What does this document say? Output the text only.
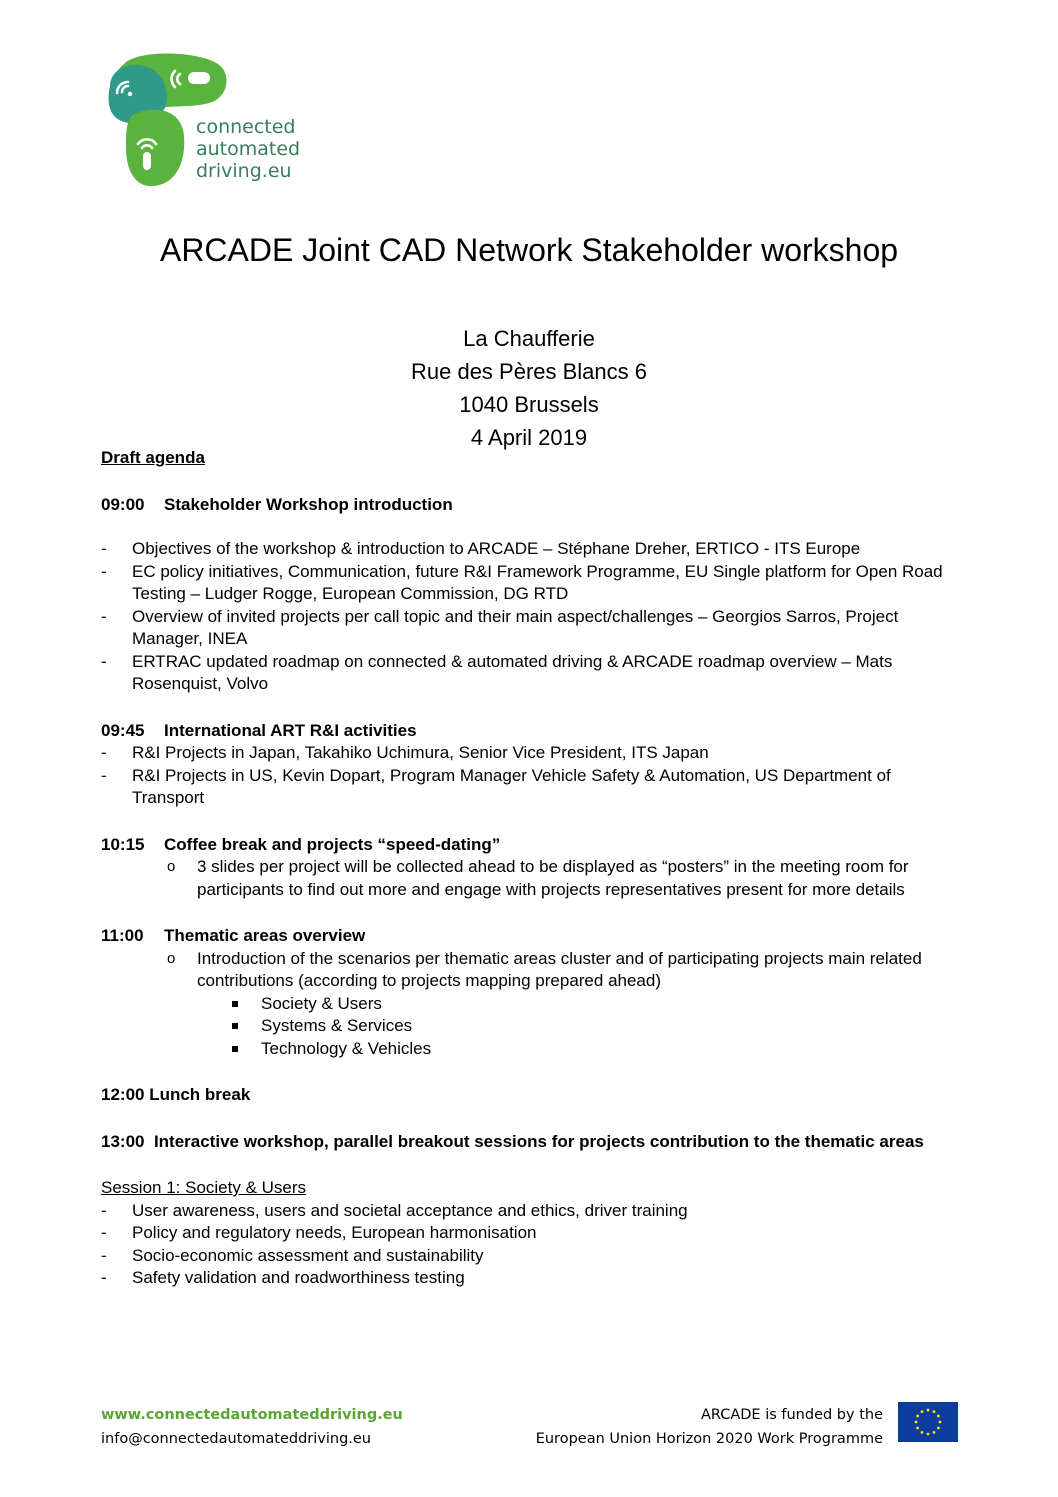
connected
automated
driving.eu
ARCADE Joint CAD Network Stakeholder workshop
La Chaufferie
Rue des Pères Blancs 6
1040 Brussels
4 April 2019
Draft agenda
09:00 Stakeholder Workshop introduction
- Objectives of the workshop & introduction to ARCADE – Stéphane Dreher, ERTICO - ITS Europe
- EC policy initiatives, Communication, future R&I Framework Programme, EU Single platform for Open Road Testing – Ludger Rogge, European Commission, DG RTD
- Overview of invited projects per call topic and their main aspect/challenges – Georgios Sarros, Project Manager, INEA
- ERTRAC updated roadmap on connected & automated driving & ARCADE roadmap overview – Mats Rosenquist, Volvo
09:45 International ART R&I activities
- R&I Projects in Japan, Takahiko Uchimura, Senior Vice President, ITS Japan
- R&I Projects in US, Kevin Dopart, Program Manager Vehicle Safety & Automation, US Department of Transport
10:15 Coffee break and projects “speed-dating”
o 3 slides per project will be collected ahead to be displayed as “posters” in the meeting room for participants to find out more and engage with projects representatives present for more details
11:00 Thematic areas overview
o Introduction of the scenarios per thematic areas cluster and of participating projects main related contributions (according to projects mapping prepared ahead)
Society & Users
Systems & Services
Technology & Vehicles
12:00 Lunch break
13:00 Interactive workshop, parallel breakout sessions for projects contribution to the thematic areas
Session 1: Society & Users
- User awareness, users and societal acceptance and ethics, driver training
- Policy and regulatory needs, European harmonisation
- Socio-economic assessment and sustainability
- Safety validation and roadworthiness testing
www.connectedautomateddriving.eu
info@connectedautomateddriving.eu
ARCADE is funded by the
European Union Horizon 2020 Work Programme
